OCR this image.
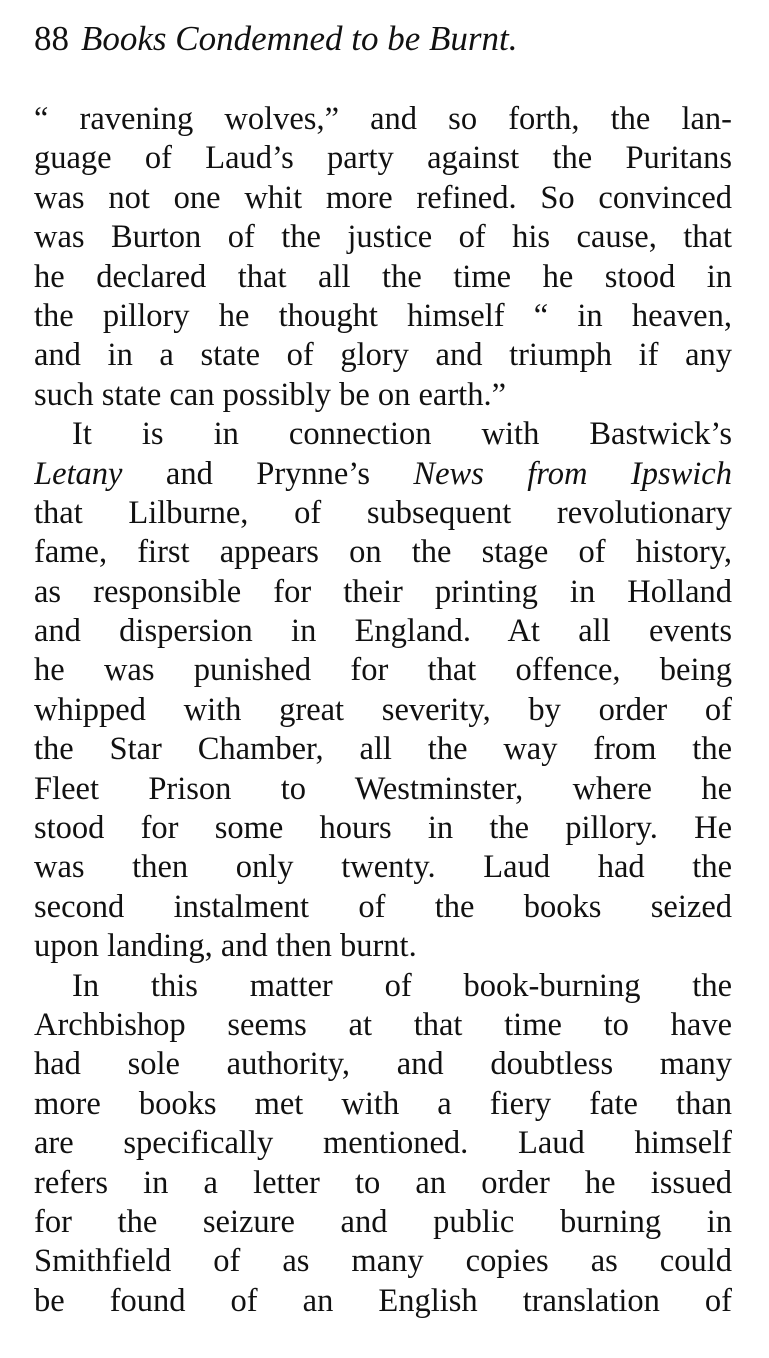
88 Books Condemned to be Burnt.
“ ravening wolves,” and so forth, the lan-
guage of Laud’s party against the Puritans
was not one whit more refined. So convinced
was Burton of the justice of his cause, that
he declared that all the time he stood in
the pillory he thought himself “ in heaven,
and in a state of glory and triumph if any
such state can possibly be on earth.”
It is in connection with Bastwick’s
Letany and Prynne’s News from Ipswich
that Lilburne, of subsequent revolutionary
fame, first appears on the stage of history,
as responsible for their printing in Holland
and dispersion in England. At all events
he was punished for that offence, being
whipped with great severity, by order of
the Star Chamber, all the way from the
Fleet Prison to Westminster, where he
stood for some hours in the pillory. He
was then only twenty. Laud had the
second instalment of the books seized
upon landing, and then burnt.
In this matter of book-burning the
Archbishop seems at that time to have
had sole authority, and doubtless many
more books met with a fiery fate than
are specifically mentioned. Laud himself
refers in a letter to an order he issued
for the seizure and public burning in
Smithfield of as many copies as could
be found of an English translation of
